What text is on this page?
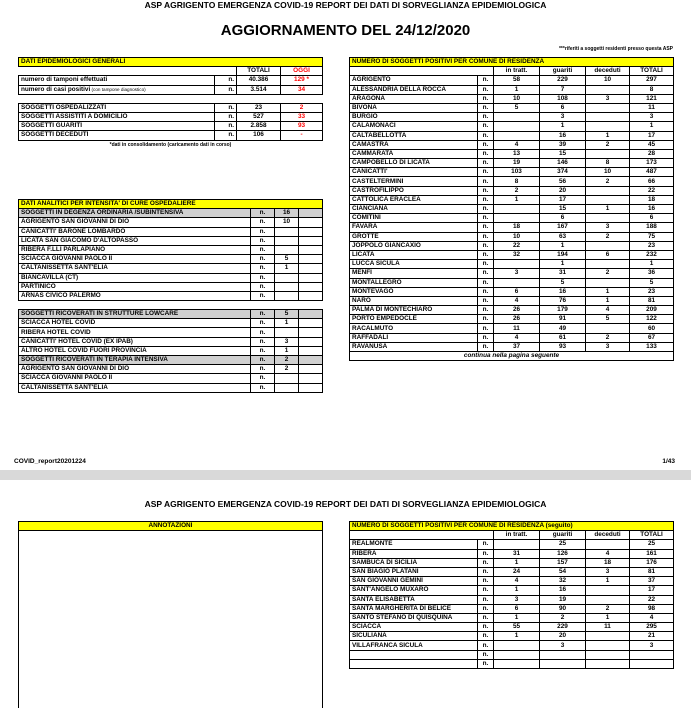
ASP AGRIGENTO EMERGENZA COVID-19 REPORT DEI DATI DI SORVEGLIANZA EPIDEMIOLOGICA
AGGIORNAMENTO DEL 24/12/2020
***riferiti a soggetti residenti presso questa ASP
DATI EPIDEMIOLOGICI GENERALI			
		TOTALI	OGGI
numero di tamponi effettuati	n.	40.386	129 *
numero di casi positivi (con tampone diagnostico)	n.	3.514	34

SOGGETTI OSPEDALIZZATI	n.	23	2
SOGGETTI ASSISTITI A DOMICILIO	n.	527	33
SOGGETTI GUARITI	n.	2.858	93
SOGGETTI DECEDUTI	n.	106	-
*dati in consolidamento (caricamento dati in corso)			
DATI ANALITICI PER INTENSITA' DI CURE OSPEDALIERE			
SOGGETTI IN DEGENZA ORDINARIA /SUBINTENSIVA	n.	16	
AGRIGENTO SAN GIOVANNI DI DIO	n.	10	
CANICATTI' BARONE LOMBARDO	n.		
LICATA SAN GIACOMO D'ALTOPASSO	n.		
RIBERA F.LLI PARLAPIANO	n.		
SCIACCA GIOVANNI PAOLO II	n.	5	
CALTANISSETTA SANT'ELIA	n.	1	
BIANCAVILLA (CT)	n.		
PARTINICO	n.		
ARNAS CIVICO PALERMO	n.		

SOGGETTI RICOVERATI IN STRUTTURE LOWCARE	n.	5	
SCIACCA HOTEL COVID	n.	1	
RIBERA HOTEL COVID	n.		
CANICATTI' HOTEL COVID (EX IPAB)	n.	3	
ALTRO HOTEL COVID FUORI PROVINCIA	n.	1	
SOGGETTI RICOVERATI IN TERAPIA INTENSIVA	n.	2	
AGRIGENTO SAN GIOVANNI DI DIO	n.	2	
SCIACCA GIOVANNI PAOLO II	n.		
CALTANISSETTA SANT'ELIA	n.		
NUMERO DI SOGGETTI POSITIVI PER COMUNE DI RESIDENZA					
		in tratt.	guariti	deceduti	TOTALI
AGRIGENTO	n.	58	229	10	297
ALESSANDRIA DELLA ROCCA	n.	1	7		8
ARAGONA	n.	10	108	3	121
BIVONA	n.	5	6		11
BURGIO	n.		3		3
CALAMONACI	n.		1		1
CALTABELLOTTA	n.		16	1	17
CAMASTRA	n.	4	39	2	45
CAMMARATA	n.	13	15		28
CAMPOBELLO DI LICATA	n.	19	146	8	173
CANICATTI'	n.	103	374	10	487
CASTELTERMINI	n.	8	56	2	66
CASTROFILIPPO	n.	2	20		22
CATTOLICA ERACLEA	n.	1	17		18
CIANCIANA	n.		15	1	16
COMITINI	n.		6		6
FAVARA	n.	18	167	3	188
GROTTE	n.	10	63	2	75
JOPPOLO GIANCAXIO	n.	22	1		23
LICATA	n.	32	194	6	232
LUCCA SICULA	n.		1		1
MENFI	n.	3	31	2	36
MONTALLEGRO	n.		5		5
MONTEVAGO	n.	6	16	1	23
NARO	n.	4	76	1	81
PALMA DI MONTECHIARO	n.	26	179	4	209
PORTO EMPEDOCLE	n.	26	91	5	122
RACALMUTO	n.	11	49		60
RAFFADALI	n.	4	61	2	67
RAVANUSA	n.	37	93	3	133
continua nella pagina seguente					
COVID_report20201224	1/43
ASP AGRIGENTO EMERGENZA COVID-19 REPORT DEI DATI DI SORVEGLIANZA EPIDEMIOLOGICA
ANNOTAZIONI	NUMERO DI SOGGETTI POSITIVI PER COMUNE DI RESIDENZA (seguito)					
		in tratt.	guariti	deceduti	TOTALI
REALMONTE	n.		25		25
RIBERA	n.	31	126	4	161
SAMBUCA DI SICILIA	n.	1	157	18	176
SAN BIAGIO PLATANI	n.	24	54	3	81
SAN GIOVANNI GEMINI	n.	4	32	1	37
SANT'ANGELO MUXARO	n.	1	16		17
SANTA ELISABETTA	n.	3	19		22
SANTA MARGHERITA DI BELICE	n.	6	90	2	98
SANTO STEFANO DI QUISQUINA	n.	1	2	1	4
SCIACCA	n.	55	229	11	295
SICULIANA	n.	1	20		21
VILLAFRANCA SICULA	n.		3		3
	n.				
	n.				
